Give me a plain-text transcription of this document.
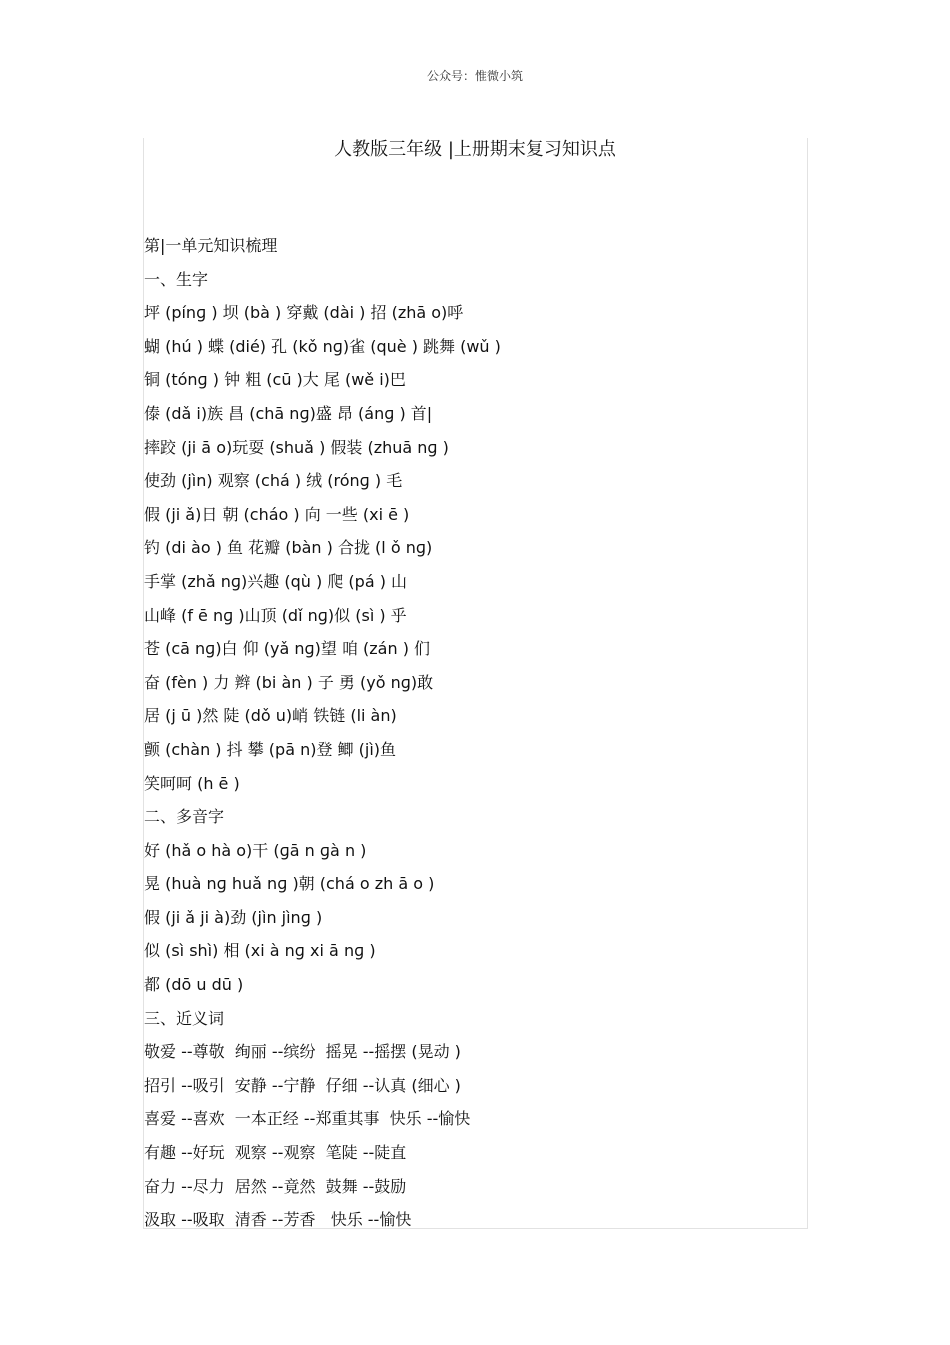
公众号：惟微小筑
人教版三年级 |上册期末复习知识点
第|一单元知识梳理
一、生字
坪 (pínɡ ) 坝 (bà ) 穿戴 (dài ) 招 (zhā o)呼
蝴 (hú ) 蝶 (dié) 孔 (kǒ nɡ)雀 (què ) 跳舞 (wǔ )
铜 (tónɡ ) 钟 粗 (cū )大 尾 (wě i)巴
傣 (dǎ i)族 昌 (chā nɡ)盛 昂 (ánɡ ) 首|
摔跤 (ji ā o)玩耍 (shuǎ ) 假装 (zhuā nɡ )
使劲 (jìn) 观察 (chá ) 绒 (rónɡ ) 毛
假 (ji ǎ)日 朝 (cháo ) 向 一些 (xi ē )
钓 (di ào ) 鱼 花瓣 (bàn ) 合拢 (l ǒ nɡ)
手掌 (zhǎ nɡ)兴趣 (qù ) 爬 (pá ) 山
山峰 (f ē nɡ )山顶 (dǐ nɡ)似 (sì ) 乎
苍 (cā nɡ)白 仰 (yǎ nɡ)望 咱 (zán ) 们
奋 (fèn ) 力 辫 (bi àn ) 子 勇 (yǒ nɡ)敢
居 (j ū )然 陡 (dǒ u)峭 铁链 (li àn)
颤 (chàn ) 抖 攀 (pā n)登 鲫 (jì)鱼
笑呵呵 (h ē )
二、多音字
好 (hǎ o hà o)干 (ɡā n ɡà n )
晃 (huà nɡ huǎ nɡ )朝 (chá o zh ā o )
假 (ji ǎ ji à)劲 (jìn jìnɡ )
似 (sì shì) 相 (xi à nɡ xi ā nɡ )
都 (dō u dū )
三、近义词
敬爱 --尊敬  绚丽 --缤纷  摇晃 --摇摆 (晃动 )
招引 --吸引  安静 --宁静  仔细 --认真 (细心 )
喜爱 --喜欢  一本正经 --郑重其事  快乐 --愉快
有趣 --好玩  观察 --观察  笔陡 --陡直
奋力 --尽力  居然 --竟然  鼓舞 --鼓励
汲取 --吸取  清香 --芳香   快乐 --愉快
